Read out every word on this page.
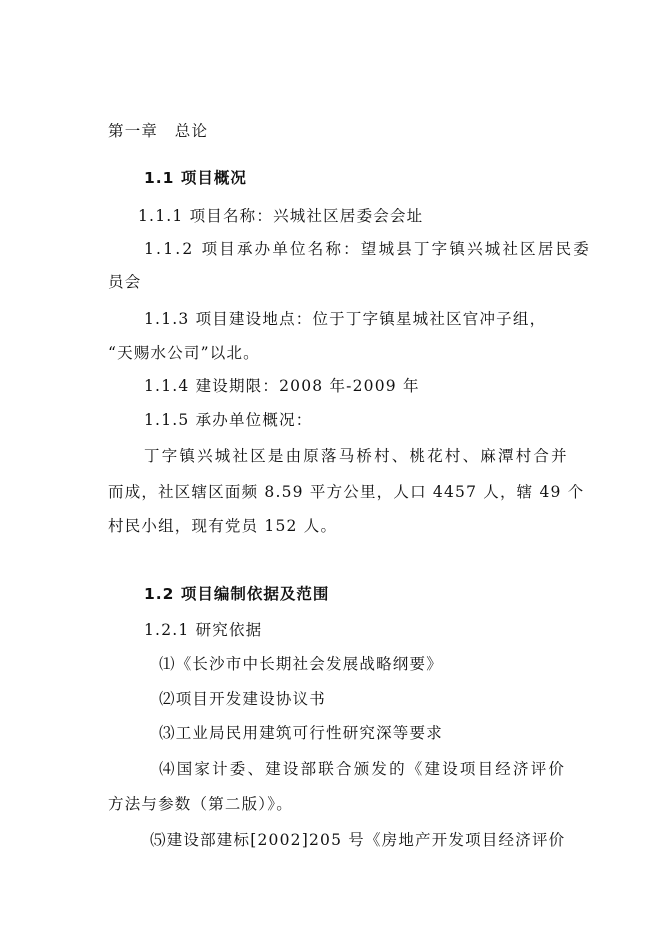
第一章　总论
1.1 项目概况
1.1.1 项目名称：兴城社区居委会会址
1.1.2 项目承办单位名称：望城县丁字镇兴城社区居民委
员会
1.1.3 项目建设地点：位于丁字镇星城社区官冲子组，
“天赐水公司”以北。
1.1.4 建设期限：2008 年-2009 年
1.1.5 承办单位概况：
丁字镇兴城社区是由原落马桥村、桃花村、麻潭村合并
而成，社区辖区面频 8.59 平方公里，人口 4457 人，辖 49 个
村民小组，现有党员 152 人。
1.2 项目编制依据及范围
1.2.1 研究依据
⑴《长沙市中长期社会发展战略纲要》
⑵项目开发建设协议书
⑶工业局民用建筑可行性研究深等要求
⑷国家计委、建设部联合颁发的《建设项目经济评价
方法与参数（第二版）》。
⑸建设部建标[2002]205 号《房地产开发项目经济评价
